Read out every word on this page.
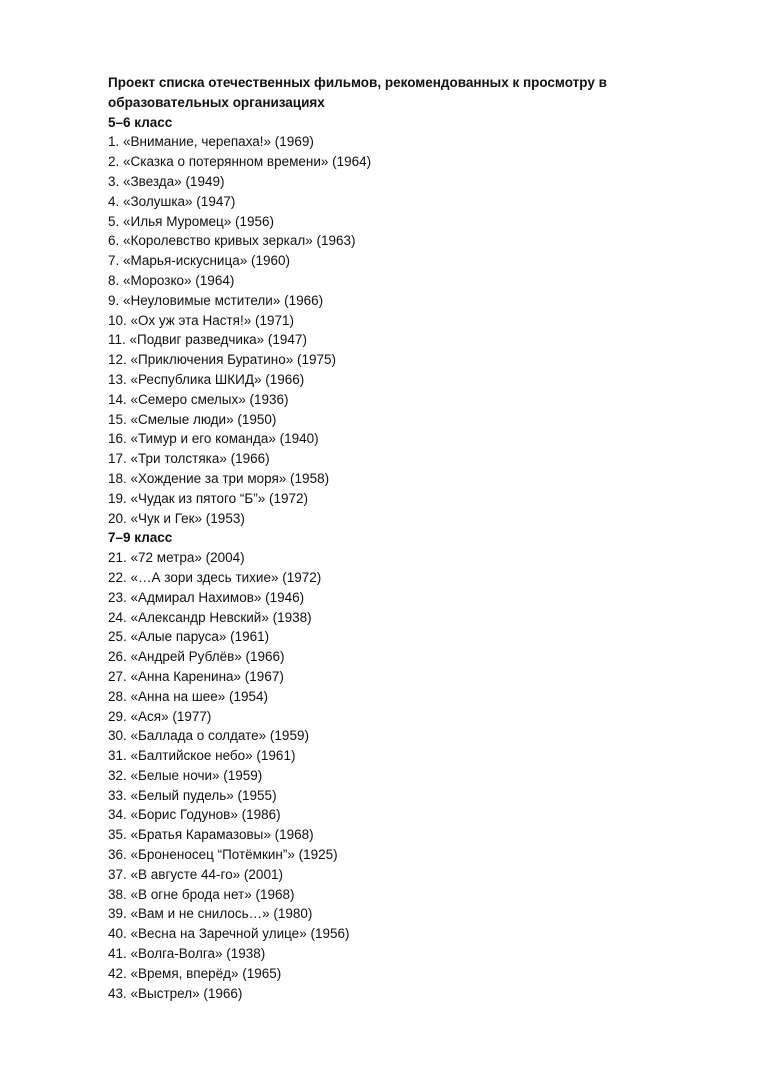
Проект списка отечественных фильмов, рекомендованных к просмотру в образовательных организациях

5–6 класс

1. «Внимание, черепаха!» (1969)
2. «Сказка о потерянном времени» (1964)
3. «Звезда» (1949)
4. «Золушка» (1947)
5. «Илья Муромец» (1956)
6. «Королевство кривых зеркал» (1963)
7. «Марья-искусница» (1960)
8. «Морозко» (1964)
9. «Неуловимые мстители» (1966)
10. «Ох уж эта Настя!» (1971)
11. «Подвиг разведчика» (1947)
12. «Приключения Буратино» (1975)
13. «Республика ШКИД» (1966)
14. «Семеро смелых» (1936)
15. «Смелые люди» (1950)
16. «Тимур и его команда» (1940)
17. «Три толстяка» (1966)
18. «Хождение за три моря» (1958)
19. «Чудак из пятого “Б”» (1972)
20. «Чук и Гек» (1953)

7–9 класс

21. «72 метра» (2004)
22. «…А зори здесь тихие» (1972)
23. «Адмирал Нахимов» (1946)
24. «Александр Невский» (1938)
25. «Алые паруса» (1961)
26. «Андрей Рублёв» (1966)
27. «Анна Каренина» (1967)
28. «Анна на шее» (1954)
29. «Ася» (1977)
30. «Баллада о солдате» (1959)
31. «Балтийское небо» (1961)
32. «Белые ночи» (1959)
33. «Белый пудель» (1955)
34. «Борис Годунов» (1986)
35. «Братья Карамазовы» (1968)
36. «Броненосец “Потёмкин”» (1925)
37. «В августе 44-го» (2001)
38. «В огне брода нет» (1968)
39. «Вам и не снилось…» (1980)
40. «Весна на Заречной улице» (1956)
41. «Волга-Волга» (1938)
42. «Время, вперёд» (1965)
43. «Выстрел» (1966)
